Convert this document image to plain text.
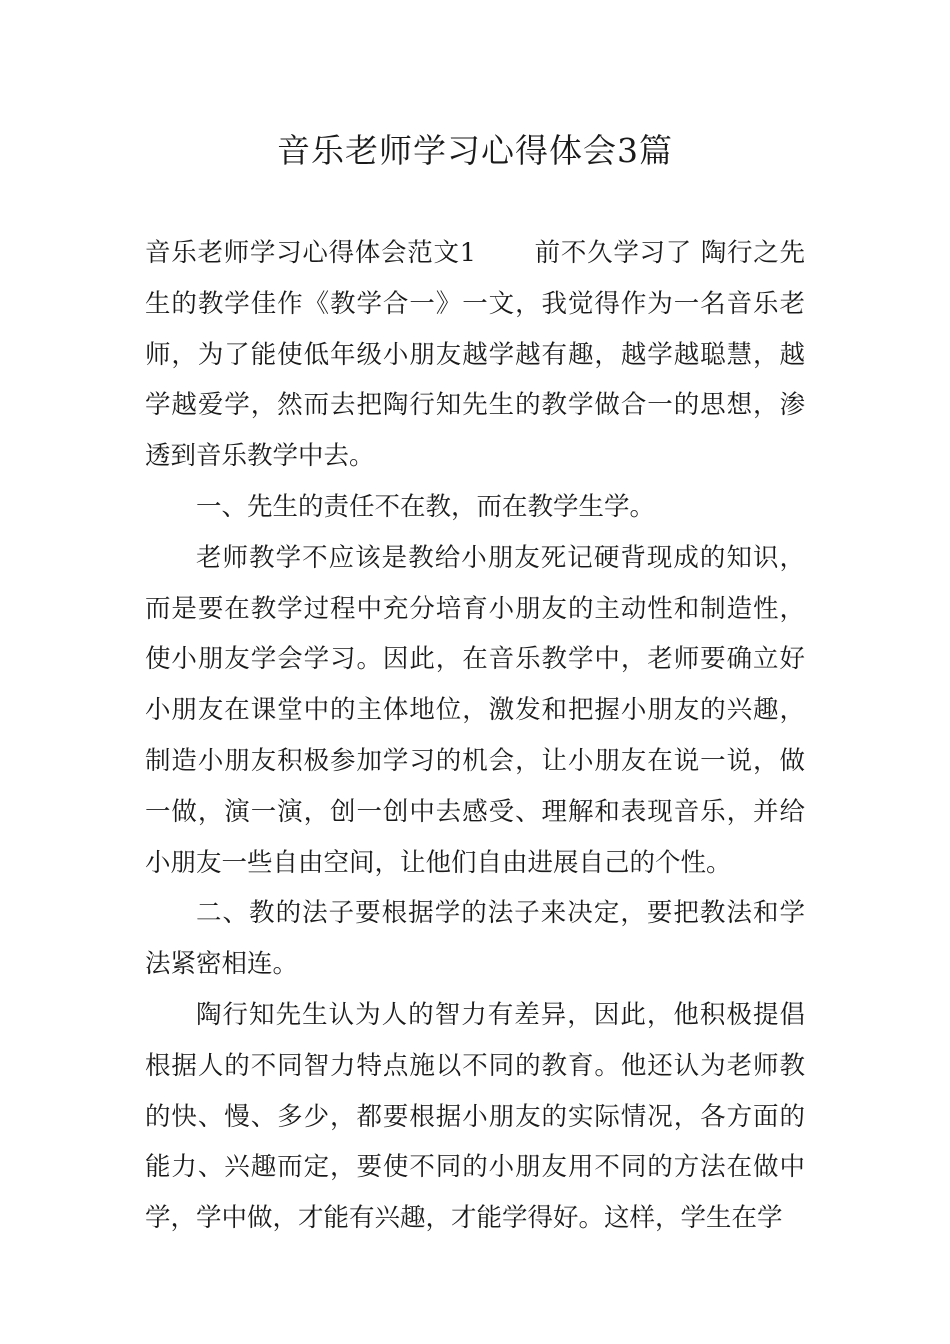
音乐老师学习心得体会3篇

音乐老师学习心得体会范文1 前不久学习了 陶行之先生的教学佳作《教学合一》一文，我觉得作为一名音乐老师，为了能使低年级小朋友越学越有趣，越学越聪慧，越学越爱学，然而去把陶行知先生的教学做合一的思想，渗透到音乐教学中去。

一、先生的责任不在教，而在教学生学。

老师教学不应该是教给小朋友死记硬背现成的知识，而是要在教学过程中充分培育小朋友的主动性和制造性，使小朋友学会学习。因此，在音乐教学中，老师要确立好小朋友在课堂中的主体地位，激发和把握小朋友的兴趣，制造小朋友积极参加学习的机会，让小朋友在说一说，做一做，演一演，创一创中去感受、理解和表现音乐，并给小朋友一些自由空间，让他们自由进展自己的个性。

二、教的法子要根据学的法子来决定，要把教法和学法紧密相连。

陶行知先生认为人的智力有差异，因此，他积极提倡根据人的不同智力特点施以不同的教育。他还认为老师教的快、慢、多少，都要根据小朋友的实际情况，各方面的能力、兴趣而定，要使不同的小朋友用不同的方法在做中学，学中做，才能有兴趣，才能学得好。这样，学生在学
